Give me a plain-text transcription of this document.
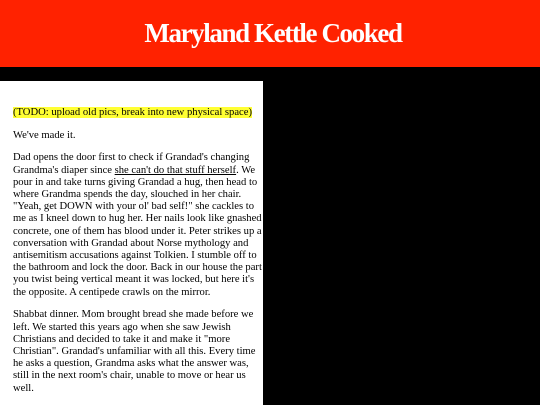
Maryland Kettle Cooked

(TODO: upload old pics, break into new physical space)

We've made it.

Dad opens the door first to check if Grandad's changing Grandma's diaper since she can't do that stuff herself. We pour in and take turns giving Grandad a hug, then head to where Grandma spends the day, slouched in her chair. "Yeah, get DOWN with your ol' bad self!" she cackles to me as I kneel down to hug her. Her nails look like gnashed concrete, one of them has blood under it. Peter strikes up a conversation with Grandad about Norse mythology and antisemitism accusations against Tolkien. I stumble off to the bathroom and lock the door. Back in our house the part you twist being vertical meant it was locked, but here it's the opposite. A centipede crawls on the mirror.

Shabbat dinner. Mom brought bread she made before we left. We started this years ago when she saw Jewish Christians and decided to take it and make it "more Christian". Grandad's unfamiliar with all this. Every time he asks a question, Grandma asks what the answer was, still in the next room's chair, unable to move or hear us well.
